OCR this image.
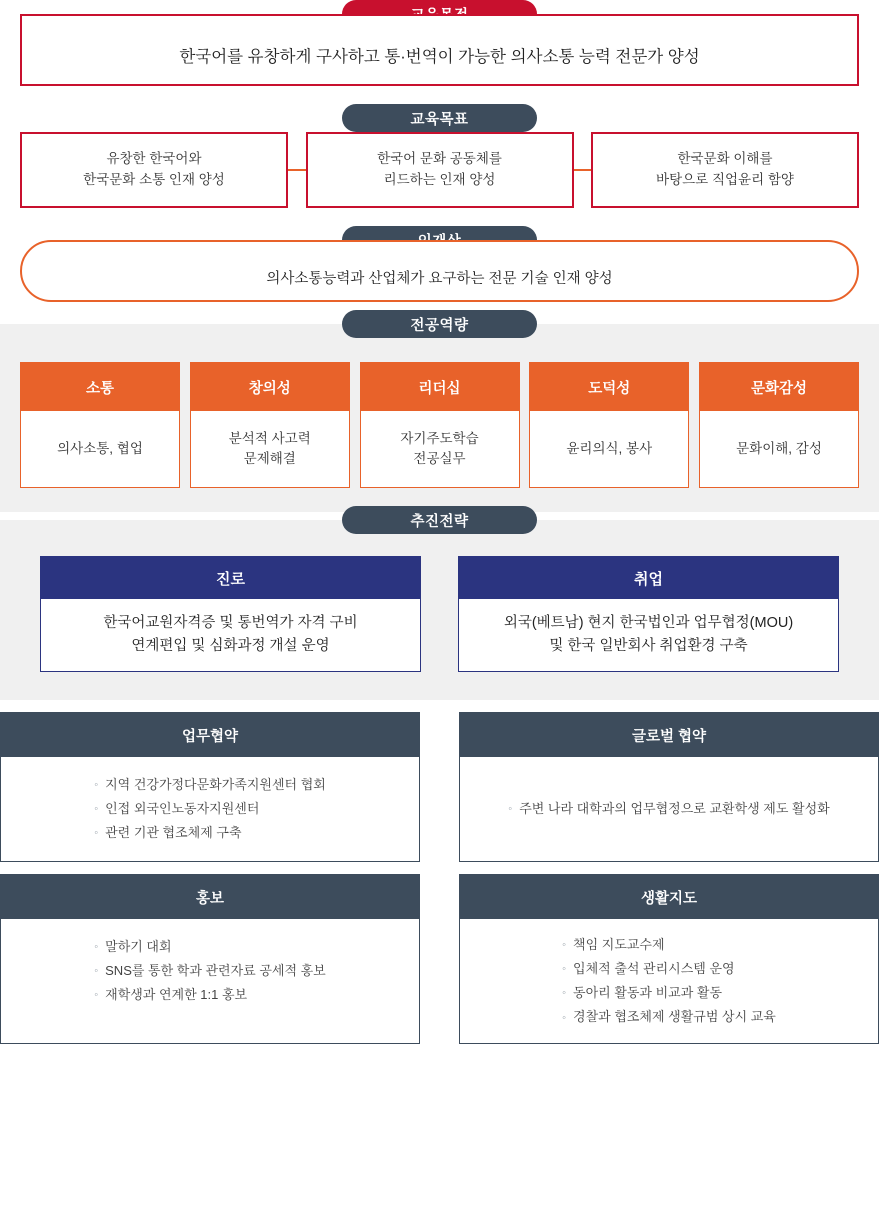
한국어를 유창하게 구사하고 통·번역이 가능한 의사소통 능력 전문가 양성
교육목표
유창한 한국어와
한국문화 소통 인재 양성
한국어 문화 공동체를
리드하는 인재 양성
한국문화 이해를
바탕으로 직업윤리 함양
의사소통능력과 산업체가 요구하는 전문 기술 인재 양성
전공역량
소통
의사소통, 협업
창의성
분석적 사고력
문제해결
리더십
자기주도학습
전공실무
도덕성
윤리의식, 봉사
문화감성
문화이해, 감성
추진전략
진로
한국어교원자격증 및 통번역가 자격 구비
연계편입 및 심화과정 개설 운영
취업
외국(베트남) 현지 한국법인과 업무협정(MOU)
및 한국 일반회사 취업환경 구축
업무협약
◦ 지역 건강가정다문화가족지원센터 협회
◦ 인접 외국인노동자지원센터
◦ 관련 기관 협조체제 구축
글로벌 협약
◦ 주변 나라 대학과의 업무협정으로 교환학생 제도 활성화
홍보
◦ 말하기 대회
◦ SNS를 통한 학과 관련자료 공세적 홍보
◦ 재학생과 연계한 1:1 홍보
생활지도
◦ 책임 지도교수제
◦ 입체적 출석 관리시스템 운영
◦ 동아리 활동과 비교과 활동
◦ 경찰과 협조체제 생활규범 상시 교육
